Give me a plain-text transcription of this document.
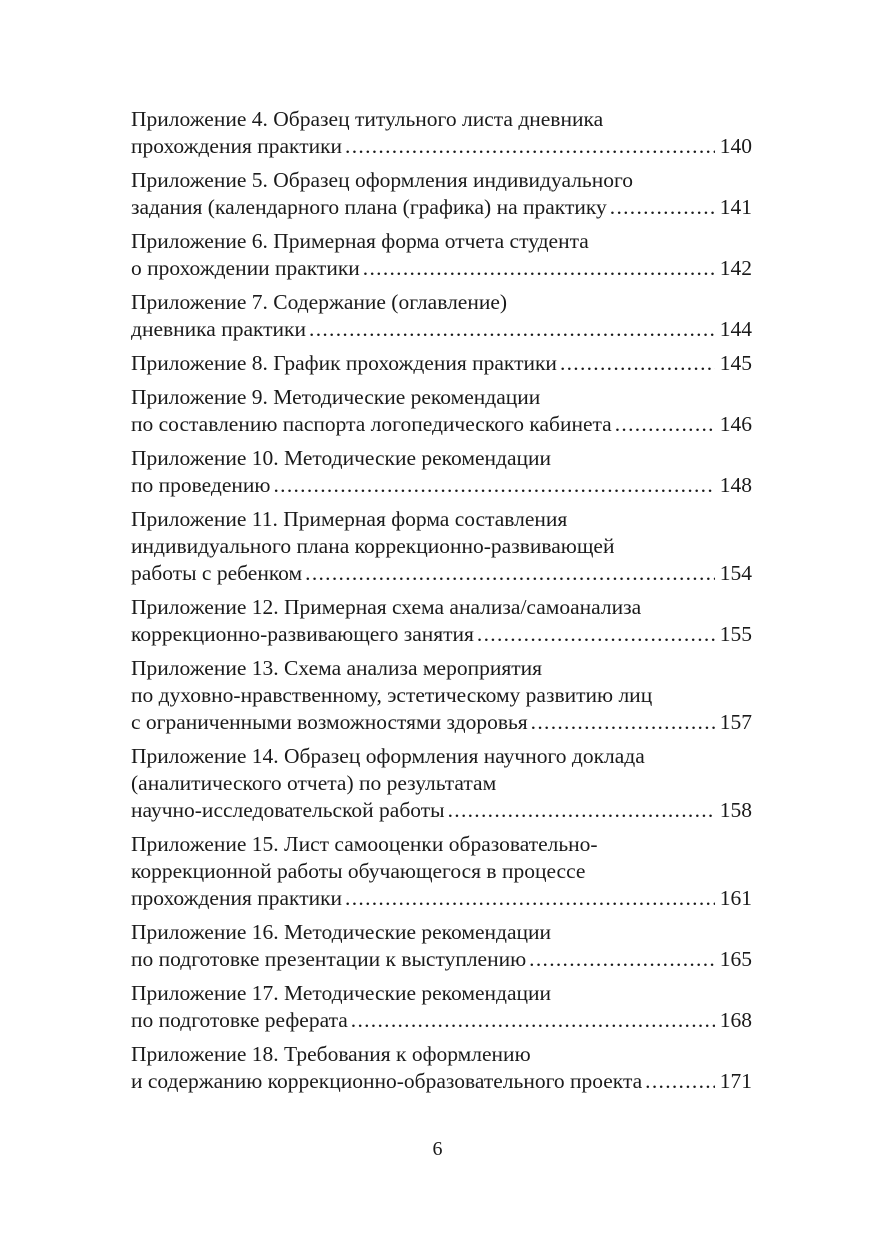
Приложение 4. Образец титульного листа дневника
прохождения практики .....	140
Приложение 5. Образец оформления индивидуального
задания (календарного плана (графика) на практику .....	141
Приложение 6. Примерная форма отчета студента
о прохождении практики .....	142
Приложение 7. Содержание (оглавление)
дневника практики .....	144
Приложение 8. График прохождения практики .....	145
Приложение 9. Методические рекомендации
по составлению паспорта логопедического кабинета .....	146
Приложение 10. Методические рекомендации
по проведению .....	148
Приложение 11. Примерная форма составления
индивидуального плана коррекционно-развивающей
работы с ребенком .....	154
Приложение 12. Примерная схема анализа/самоанализа
коррекционно-развивающего занятия .....	155
Приложение 13. Схема анализа мероприятия
по духовно-нравственному, эстетическому развитию лиц
с ограниченными возможностями здоровья .....	157
Приложение 14. Образец оформления научного доклада
(аналитического отчета) по результатам
научно-исследовательской работы .....	158
Приложение 15. Лист самооценки образовательно-
коррекционной работы обучающегося в процессе
прохождения практики .....	161
Приложение 16. Методические рекомендации
по подготовке презентации к выступлению .....	165
Приложение 17. Методические рекомендации
по подготовке реферата .....	168
Приложение 18. Требования к оформлению
и содержанию коррекционно-образовательного проекта .....	171
6
